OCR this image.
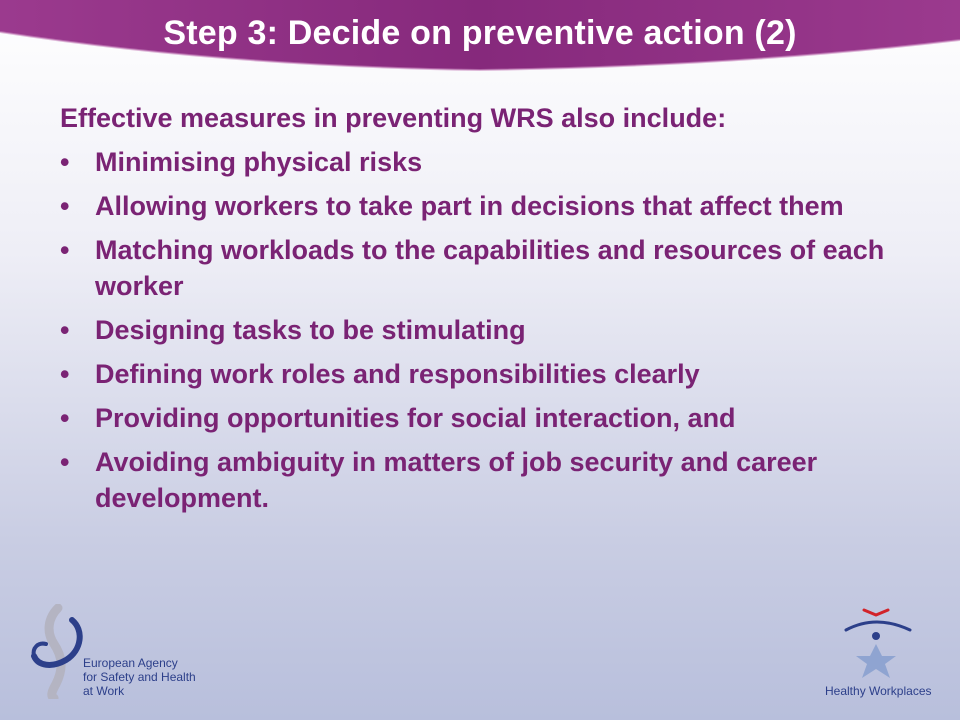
Step 3: Decide on preventive action (2)

Effective measures in preventing WRS also include:

• Minimising physical risks
• Allowing workers to take part in decisions that affect them
• Matching workloads to the capabilities and resources of each worker
• Designing tasks to be stimulating
• Defining work roles and responsibilities clearly
• Providing opportunities for social interaction, and
• Avoiding ambiguity in matters of job security and career development.
European Agency
for Safety and Health
at Work	Healthy Workplaces
